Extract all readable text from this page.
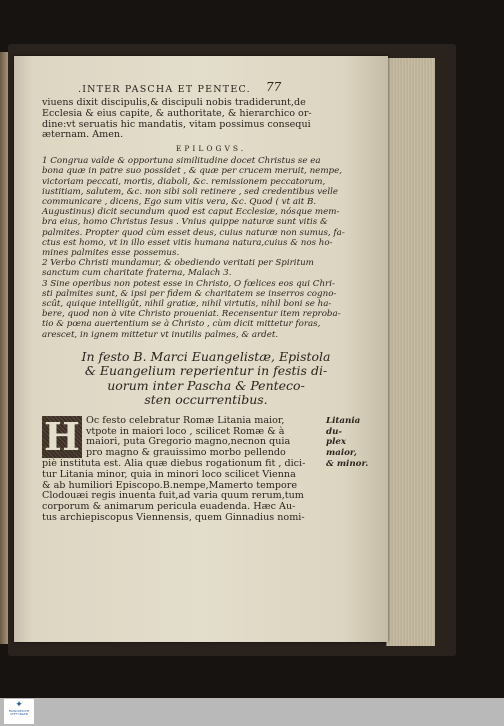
.INTER PASCHA ET PENTEC. 77
viuens dixit discipulis,& discipuli nobis tradiderunt,de
Ecclesia & eius capite, & authoritate, & hierarchico or-
dine:vt seruatis hic mandatis, vitam possimus consequi
æternam. Amen.
EPILOGVS.
1 Congrua valde & opportuna similitudine docet Christus se ea
bona quæ in patre suo possidet , & quæ per crucem meruit, nempe,
victoriam peccati, mortis, diaboli, &c. remissionem peccatorum,
iustitiam, salutem, &c. non sibi soli retinere , sed credentibus velle
communicare , dicens, Ego sum vitis vera, &c. Quod ( vt ait B.
Augustinus) dicit secundum quod est caput Ecclesiæ, nósque mem-
bra eius, homo Christus Iesus . Vnius quippe naturæ sunt vitis &
palmites. Propter quod cùm esset deus, cuius naturæ non sumus, fa-
ctus est homo, vt in illo esset vitis humana natura,cuius & nos ho-
mines palmites esse possemus.
2 Verbo Christi mundamur, & obediendo veritati per Spiritum
sanctum cum charitate fraterna, Malach 3.
3 Sine operibus non potest esse in Christo, O fœlices eos qui Chri-
sti palmites sunt, & ipsi per fidem & charitatem se inserros cogno-
scût, quique intelligût, nihil gratiæ, nihil virtutis, nihil boni se ha-
bere, quod non à vite Christo proueniat. Recensentur item reproba-
tio & pœna auertentium se à Christo , cùm dicit mittetur foras,
arescet, in ignem mittetur vt inutilis palmes, & ardet.
In festo B. Marci Euangelistæ, Epistola
& Euangelium reperientur in festis di-
uorum inter Pascha & Penteco-
sten occurrentibus.
H	Litania du-
plex maior,
& minor.
Oc festo celebratur Romæ Litania maior,
vtpote in maiori loco , scilicet Romæ & à
maiori, puta Gregorio magno,necnon quia
pro magno & grauissimo morbo pellendo
piè instituta est. Alia quæ diebus rogationum fit , dici-
tur Litania minor, quia in minori loco scilicet Vienna
& ab humiliori Episcopo.B.nempe,Mamerto tempore
Clodouæi regis inuenta fuit,ad varia quum rerum,tum
corporum & animarum pericula euadenda. Hæc Au-
tus archiepiscopus Viennensis, quem Ginnadius nomi-
✦
FRANCKESCHE
STIFTUNGEN
